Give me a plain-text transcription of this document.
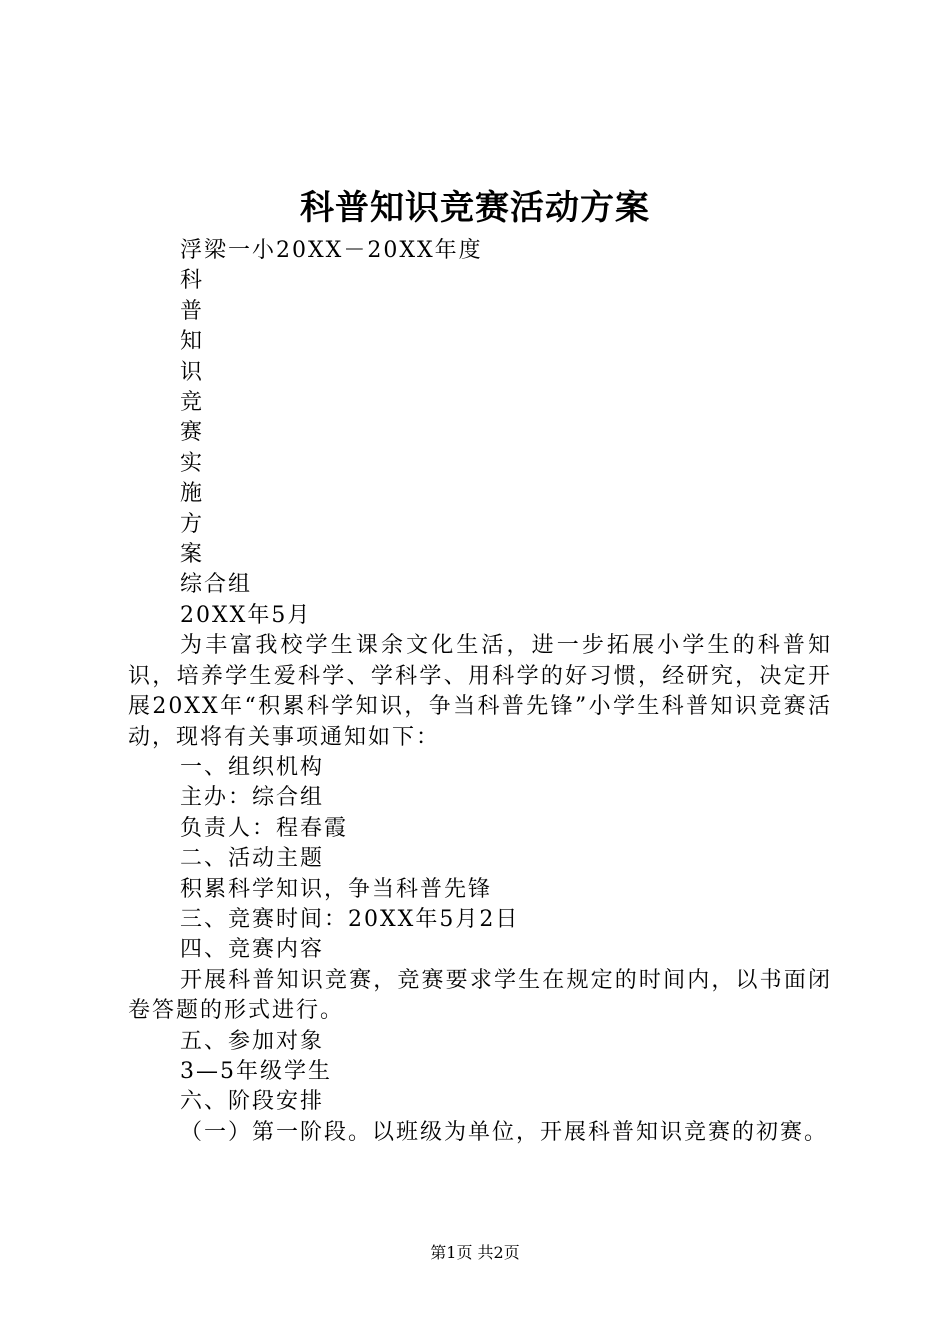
科普知识竞赛活动方案

浮梁一小20XX－20XX年度

科

普

知

识

竞

赛

实

施

方

案

综合组

20XX年5月

为丰富我校学生课余文化生活，进一步拓展小学生的科普知识，培养学生爱科学、学科学、用科学的好习惯，经研究，决定开展20XX年“积累科学知识，争当科普先锋”小学生科普知识竞赛活动，现将有关事项通知如下：

一、组织机构

主办：综合组

负责人：程春霞

二、活动主题

积累科学知识，争当科普先锋

三、竞赛时间：20XX年5月2日

四、竞赛内容

开展科普知识竞赛，竞赛要求学生在规定的时间内，以书面闭卷答题的形式进行。

五、参加对象

3—5年级学生

六、阶段安排

（一）第一阶段。以班级为单位，开展科普知识竞赛的初赛。

第1页 共2页
